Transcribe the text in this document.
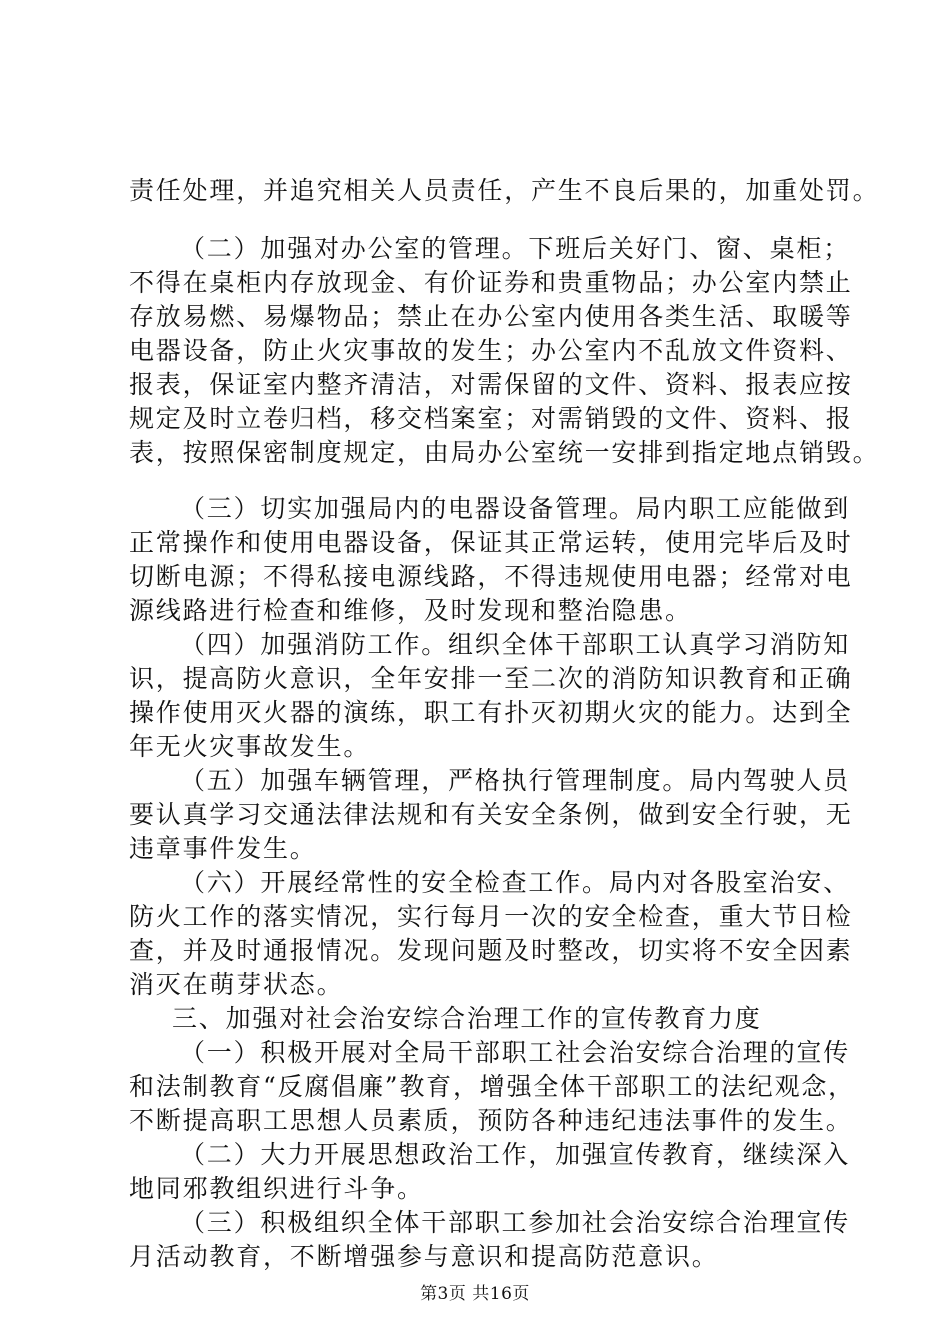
责任处理，并追究相关人员责任，产生不良后果的，加重处罚。
（二）加强对办公室的管理。下班后关好门、窗、桌柜；
不得在桌柜内存放现金、有价证券和贵重物品；办公室内禁止
存放易燃、易爆物品；禁止在办公室内使用各类生活、取暖等
电器设备，防止火灾事故的发生；办公室内不乱放文件资料、
报表，保证室内整齐清洁，对需保留的文件、资料、报表应按
规定及时立卷归档，移交档案室；对需销毁的文件、资料、报
表，按照保密制度规定，由局办公室统一安排到指定地点销毁。
（三）切实加强局内的电器设备管理。局内职工应能做到
正常操作和使用电器设备，保证其正常运转，使用完毕后及时
切断电源；不得私接电源线路，不得违规使用电器；经常对电
源线路进行检查和维修，及时发现和整治隐患。
（四）加强消防工作。组织全体干部职工认真学习消防知
识，提高防火意识，全年安排一至二次的消防知识教育和正确
操作使用灭火器的演练，职工有扑灭初期火灾的能力。达到全
年无火灾事故发生。
（五）加强车辆管理，严格执行管理制度。局内驾驶人员
要认真学习交通法律法规和有关安全条例，做到安全行驶，无
违章事件发生。
（六）开展经常性的安全检查工作。局内对各股室治安、
防火工作的落实情况，实行每月一次的安全检查，重大节日检
查，并及时通报情况。发现问题及时整改，切实将不安全因素
消灭在萌芽状态。
三、加强对社会治安综合治理工作的宣传教育力度
（一）积极开展对全局干部职工社会治安综合治理的宣传
和法制教育“反腐倡廉”教育，增强全体干部职工的法纪观念，
不断提高职工思想人员素质，预防各种违纪违法事件的发生。
（二）大力开展思想政治工作，加强宣传教育，继续深入
地同邪教组织进行斗争。
（三）积极组织全体干部职工参加社会治安综合治理宣传
月活动教育，不断增强参与意识和提高防范意识。
第3页 共16页
